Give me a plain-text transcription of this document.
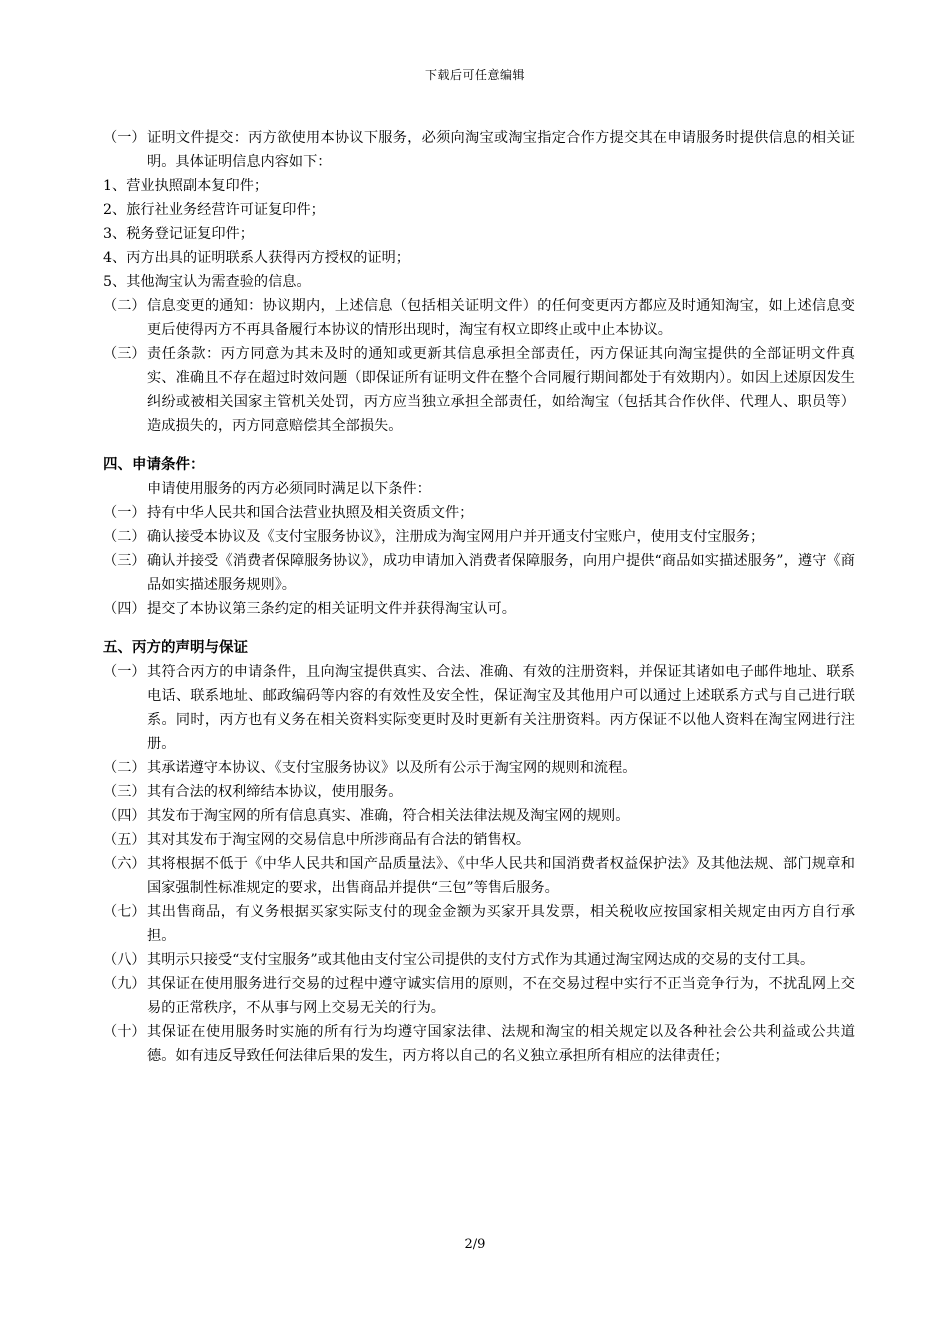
下载后可任意编辑
（一） 证明文件提交：丙方欲使用本协议下服务，必须向淘宝或淘宝指定合作方提交其在申请服务时提供信息的相关证明。具体证明信息内容如下：
1、营业执照副本复印件；
2、旅行社业务经营许可证复印件；
3、税务登记证复印件；
4、丙方出具的证明联系人获得丙方授权的证明；
5、其他淘宝认为需查验的信息。
（二） 信息变更的通知：协议期内，上述信息（包括相关证明文件）的任何变更丙方都应及时通知淘宝，如上述信息变更后使得丙方不再具备履行本协议的情形出现时，淘宝有权立即终止或中止本协议。
（三） 责任条款：丙方同意为其未及时的通知或更新其信息承担全部责任，丙方保证其向淘宝提供的全部证明文件真实、准确且不存在超过时效问题（即保证所有证明文件在整个合同履行期间都处于有效期内）。如因上述原因发生纠纷或被相关国家主管机关处罚，丙方应当独立承担全部责任，如给淘宝（包括其合作伙伴、代理人、职员等）造成损失的，丙方同意赔偿其全部损失。
四、申请条件：
申请使用服务的丙方必须同时满足以下条件：
（一） 持有中华人民共和国合法营业执照及相关资质文件；
（二） 确认接受本协议及《支付宝服务协议》，注册成为淘宝网用户并开通支付宝账户，使用支付宝服务；
（三） 确认并接受《消费者保障服务协议》，成功申请加入消费者保障服务，向用户提供“商品如实描述服务”，遵守《商品如实描述服务规则》。
（四） 提交了本协议第三条约定的相关证明文件并获得淘宝认可。
五、丙方的声明与保证
（一） 其符合丙方的申请条件，且向淘宝提供真实、合法、准确、有效的注册资料，并保证其诸如电子邮件地址、联系电话、联系地址、邮政编码等内容的有效性及安全性，保证淘宝及其他用户可以通过上述联系方式与自己进行联系。同时，丙方也有义务在相关资料实际变更时及时更新有关注册资料。丙方保证不以他人资料在淘宝网进行注册。
（二） 其承诺遵守本协议、《支付宝服务协议》以及所有公示于淘宝网的规则和流程。
（三） 其有合法的权利缔结本协议，使用服务。
（四） 其发布于淘宝网的所有信息真实、准确，符合相关法律法规及淘宝网的规则。
（五） 其对其发布于淘宝网的交易信息中所涉商品有合法的销售权。
（六） 其将根据不低于《中华人民共和国产品质量法》、《中华人民共和国消费者权益保护法》及其他法规、部门规章和国家强制性标准规定的要求，出售商品并提供“三包”等售后服务。
（七） 其出售商品，有义务根据买家实际支付的现金金额为买家开具发票，相关税收应按国家相关规定由丙方自行承担。
（八） 其明示只接受“支付宝服务”或其他由支付宝公司提供的支付方式作为其通过淘宝网达成的交易的支付工具。
（九） 其保证在使用服务进行交易的过程中遵守诚实信用的原则，不在交易过程中实行不正当竞争行为，不扰乱网上交易的正常秩序，不从事与网上交易无关的行为。
（十） 其保证在使用服务时实施的所有行为均遵守国家法律、法规和淘宝的相关规定以及各种社会公共利益或公共道德。如有违反导致任何法律后果的发生，丙方将以自己的名义独立承担所有相应的法律责任；
2/9
